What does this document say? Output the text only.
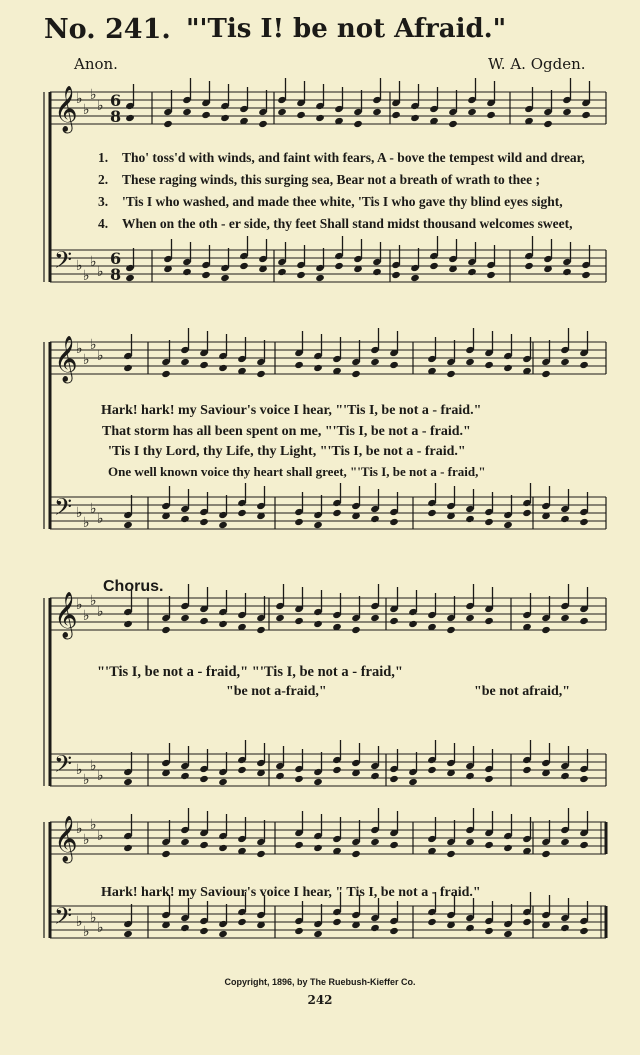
No. 241. "'Tis I! be not Afraid."
Anon.	W. A. Ogden.
𝄞
𝄢
♭
♭
♭
♭
♭
♭
♭
♭
𝄞
𝄢
♭
♭
♭
♭
♭
♭
♭
♭
𝄞
𝄢
♭
♭
♭
♭
♭
♭
♭
♭
𝄞
𝄢
♭
♭
♭
♭
♭
♭
♭
♭
6
8
6
8
1. Tho' toss'd with winds, and faint with fears, A - bove the tempest wild and drear,
2. These raging winds, this surging sea, Bear not a breath of wrath to thee ;
3. 'Tis I who washed, and made thee white, 'Tis I who gave thy blind eyes sight,
4. When on the oth - er side, thy feet Shall stand midst thousand welcomes sweet,
Hark! hark! my Saviour's voice I hear, "'Tis I, be not a - fraid."
That storm has all been spent on me, "'Tis I, be not a - fraid."
'Tis I thy Lord, thy Life, thy Light, "'Tis I, be not a - fraid."
One well known voice thy heart shall greet, "'Tis I, be not a - fraid,"
Chorus.
"'Tis I, be not a - fraid," "'Tis I, be not a - fraid,"
"be not a-fraid,"	"be not afraid,"
Hark! hark! my Saviour's voice I hear, " Tis I, be not a - fraid."
Copyright, 1896, by The Ruebush-Kieffer Co.
242
